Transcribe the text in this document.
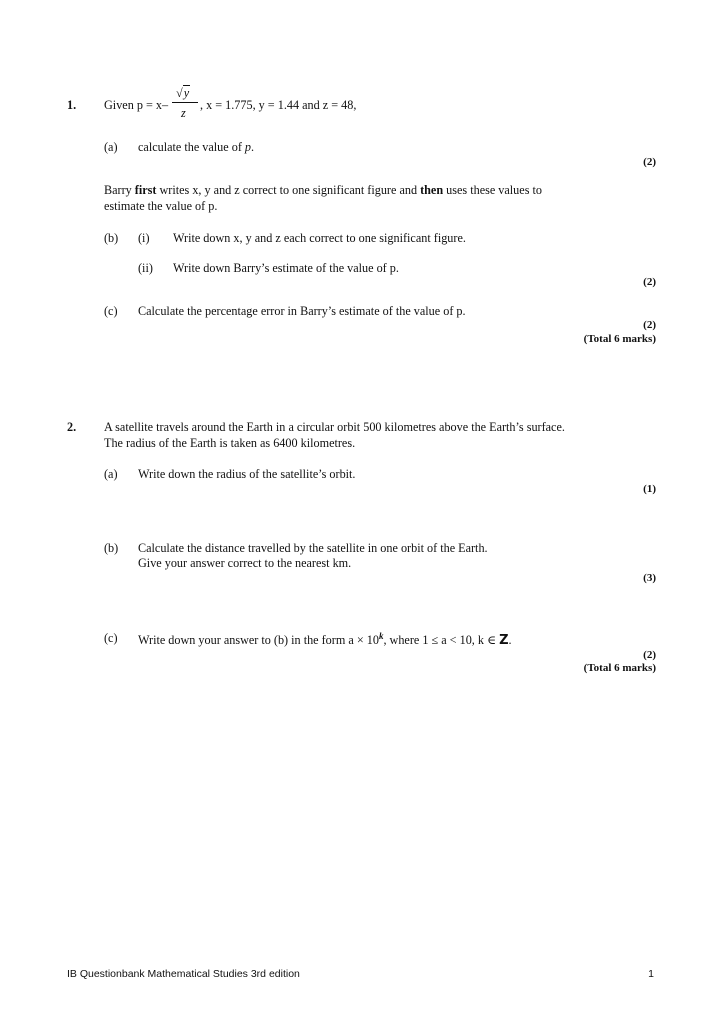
1. Given p = x–
√y
z
, x = 1.775, y = 1.44 and z = 48,
(a) calculate the value of p.
(2)
Barry first writes x, y and z correct to one significant figure and then uses these values to
estimate the value of p.
(b) (i) Write down x, y and z each correct to one significant figure.
(ii) Write down Barry’s estimate of the value of p.
(2)
(c) Calculate the percentage error in Barry’s estimate of the value of p.
(2)
(Total 6 marks)
2. A satellite travels around the Earth in a circular orbit 500 kilometres above the Earth’s surface.
The radius of the Earth is taken as 6400 kilometres.
(a) Write down the radius of the satellite’s orbit.
(1)
(b) Calculate the distance travelled by the satellite in one orbit of the Earth.
Give your answer correct to the nearest km.
(3)
(c) Write down your answer to (b) in the form $a \times 10^k$, where 1 ≤ a < 10, k ∈ Z.
(2)
(Total 6 marks)
IB Questionbank Mathematical Studies 3rd edition	1
